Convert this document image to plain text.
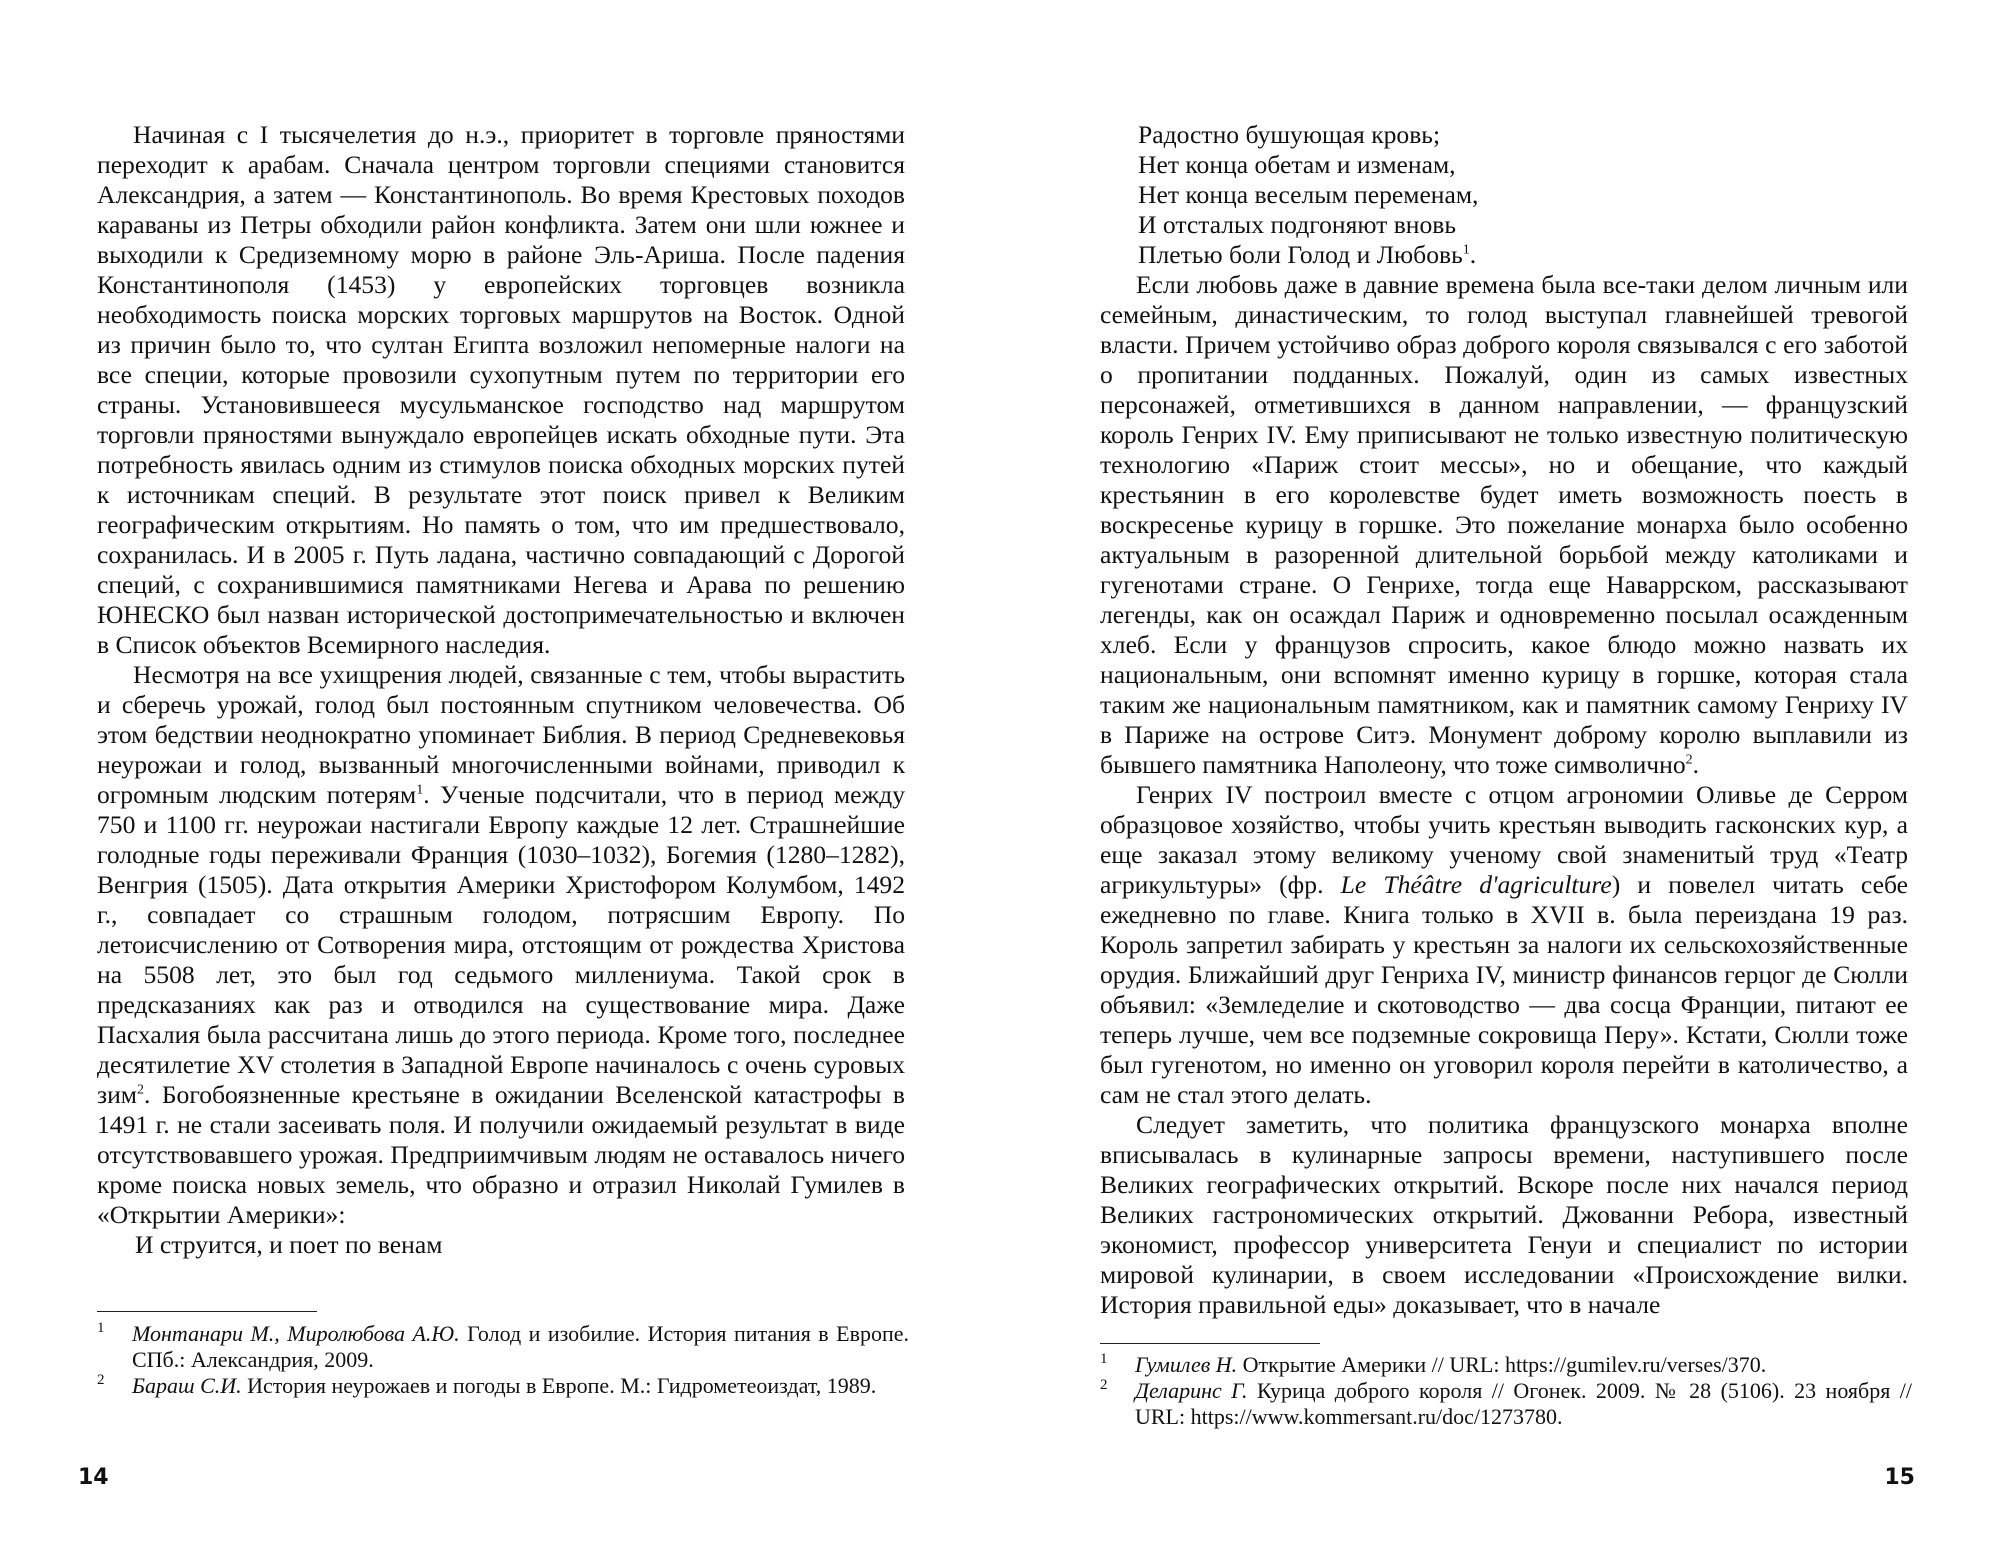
Начиная с I тысячелетия до н.э., приоритет в торговле пряностями переходит к арабам. Сначала центром торговли специями становится Александрия, а затем — Константинополь. Во время Крестовых походов караваны из Петры обходили район конфликта. Затем они шли южнее и выходили к Средиземному морю в районе Эль-Ариша. После падения Константинополя (1453) у европейских торговцев возникла необходимость поиска морских торговых маршрутов на Восток. Одной из причин было то, что султан Египта возложил непомерные налоги на все специи, которые провозили сухопутным путем по территории его страны. Установившееся мусульманское господство над маршрутом торговли пряностями вынуждало европейцев искать обходные пути. Эта потребность явилась одним из стимулов поиска обходных морских путей к источникам специй. В результате этот поиск привел к Великим географическим открытиям. Но память о том, что им предшествовало, сохранилась. И в 2005 г. Путь ладана, частично совпадающий с Дорогой специй, с сохранившимися памятниками Негева и Арава по решению ЮНЕСКО был назван исторической достопримечательностью и включен в Список объектов Всемирного наследия.

Несмотря на все ухищрения людей, связанные с тем, чтобы вырастить и сберечь урожай, голод был постоянным спутником человечества. Об этом бедствии неоднократно упоминает Библия. В период Средневековья неурожаи и голод, вызванный многочисленными войнами, приводил к огромным людским потерям$^1$. Ученые подсчитали, что в период между 750 и 1100 гг. неурожаи настигали Европу каждые 12 лет. Страшнейшие голодные годы переживали Франция (1030–1032), Богемия (1280–1282), Венгрия (1505). Дата открытия Америки Христофором Колумбом, 1492 г., совпадает со страшным голодом, потрясшим Европу. По летоисчислению от Сотворения мира, отстоящим от рождества Христова на 5508 лет, это был год седьмого миллениума. Такой срок в предсказаниях как раз и отводился на существование мира. Даже Пасхалия была рассчитана лишь до этого периода. Кроме того, последнее десятилетие XV столетия в Западной Европе начиналось с очень суровых зим$^2$. Богобоязненные крестьяне в ожидании Вселенской катастрофы в 1491 г. не стали засеивать поля. И получили ожидаемый результат в виде отсутствовавшего урожая. Предприимчивым людям не оставалось ничего кроме поиска новых земель, что образно и отразил Николай Гумилев в «Открытии Америки»:

И струится, и поет по венам

1 Монтанари М., Миролюбова А.Ю. Голод и изобилие. История питания в Европе. СПб.: Александрия, 2009.

2 Бараш С.И. История неурожаев и погоды в Европе. М.: Гидрометеоиздат, 1989.

14

Радостно бушующая кровь;
Нет конца обетам и изменам,
Нет конца веселым переменам,
И отсталых подгоняют вновь
Плетью боли Голод и Любовь$^1$.

Если любовь даже в давние времена была все-таки делом личным или семейным, династическим, то голод выступал главнейшей тревогой власти. Причем устойчиво образ доброго короля связывался с его заботой о пропитании подданных. Пожалуй, один из самых известных персонажей, отметившихся в данном направлении, — французский король Генрих IV. Ему приписывают не только известную политическую технологию «Париж стоит мессы», но и обещание, что каждый крестьянин в его королевстве будет иметь возможность поесть в воскресенье курицу в горшке. Это пожелание монарха было особенно актуальным в разоренной длительной борьбой между католиками и гугенотами стране. О Генрихе, тогда еще Наваррском, рассказывают легенды, как он осаждал Париж и одновременно посылал осажденным хлеб. Если у французов спросить, какое блюдо можно назвать их национальным, они вспомнят именно курицу в горшке, которая стала таким же национальным памятником, как и памятник самому Генриху IV в Париже на острове Ситэ. Монумент доброму королю выплавили из бывшего памятника Наполеону, что тоже символично$^2$.

Генрих IV построил вместе с отцом агрономии Оливье де Серром образцовое хозяйство, чтобы учить крестьян выводить гасконских кур, а еще заказал этому великому ученому свой знаменитый труд «Театр агрикультуры» (фр. Le Théâtre d'agriculture) и повелел читать себе ежедневно по главе. Книга только в XVII в. была переиздана 19 раз. Король запретил забирать у крестьян за налоги их сельскохозяйственные орудия. Ближайший друг Генриха IV, министр финансов герцог де Сюлли объявил: «Земледелие и скотоводство — два сосца Франции, питают ее теперь лучше, чем все подземные сокровища Перу». Кстати, Сюлли тоже был гугенотом, но именно он уговорил короля перейти в католичество, а сам не стал этого делать.

Следует заметить, что политика французского монарха вполне вписывалась в кулинарные запросы времени, наступившего после Великих географических открытий. Вскоре после них начался период Великих гастрономических открытий. Джованни Ребора, известный экономист, профессор университета Генуи и специалист по истории мировой кулинарии, в своем исследовании «Происхождение вилки. История правильной еды» доказывает, что в начале

1 Гумилев Н. Открытие Америки // URL: https://gumilev.ru/verses/370.

2 Деларинс Г. Курица доброго короля // Огонек. 2009. № 28 (5106). 23 ноября // URL: https://www.kommersant.ru/doc/1273780.

15
